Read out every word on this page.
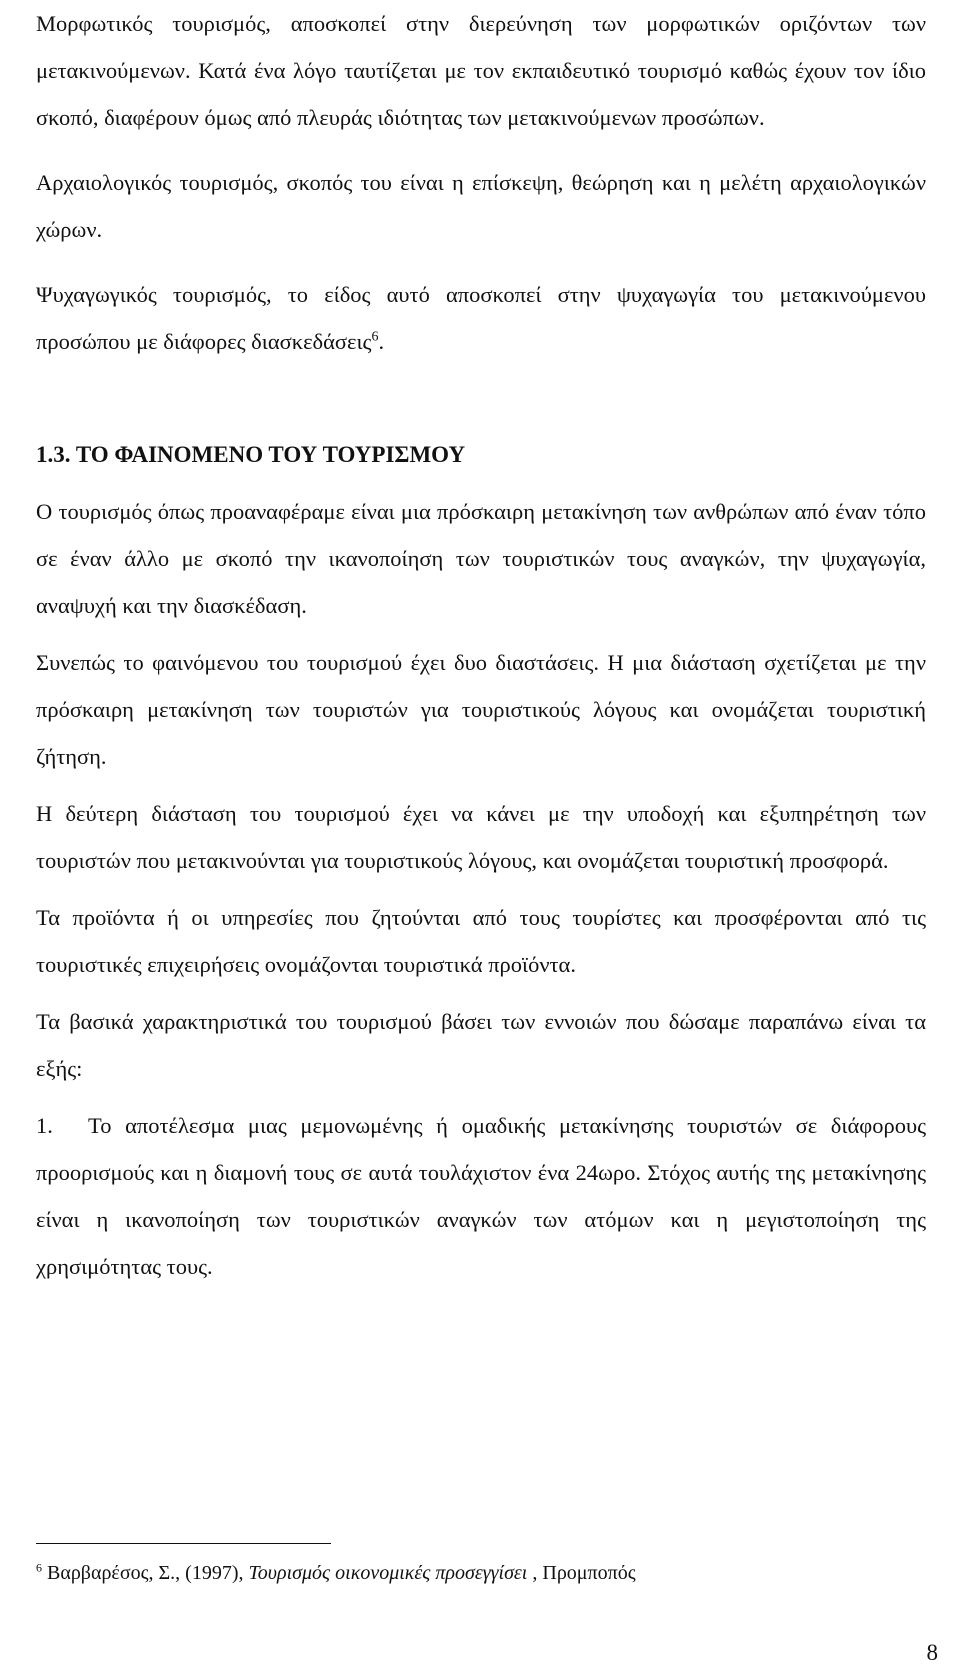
Μορφωτικός τουρισμός, αποσκοπεί στην διερεύνηση των μορφωτικών οριζόντων των μετακινούμενων. Κατά ένα λόγο ταυτίζεται με τον εκπαιδευτικό τουρισμό καθώς έχουν τον ίδιο σκοπό, διαφέρουν όμως από πλευράς ιδιότητας των μετακινούμενων προσώπων.

Αρχαιολογικός τουρισμός, σκοπός του είναι η επίσκεψη, θεώρηση και η μελέτη αρχαιολογικών χώρων.

Ψυχαγωγικός τουρισμός, το είδος αυτό αποσκοπεί στην ψυχαγωγία του μετακινούμενου προσώπου με διάφορες διασκεδάσεις$^6$.

1.3. ΤΟ ΦΑΙΝΟΜΕΝΟ ΤΟΥ ΤΟΥΡΙΣΜΟΥ

Ο τουρισμός όπως προαναφέραμε είναι μια πρόσκαιρη μετακίνηση των ανθρώπων από έναν τόπο σε έναν άλλο με σκοπό την ικανοποίηση των τουριστικών τους αναγκών, την ψυχαγωγία, αναψυχή και την διασκέδαση.

Συνεπώς το φαινόμενου του τουρισμού έχει δυο διαστάσεις. Η μια διάσταση σχετίζεται με την πρόσκαιρη μετακίνηση των τουριστών για τουριστικούς λόγους και ονομάζεται τουριστική ζήτηση.

Η δεύτερη διάσταση του τουρισμού έχει να κάνει με την υποδοχή και εξυπηρέτηση των τουριστών που μετακινούνται για τουριστικούς λόγους, και ονομάζεται τουριστική προσφορά.

Τα προϊόντα ή οι υπηρεσίες που ζητούνται από τους τουρίστες και προσφέρονται από τις τουριστικές επιχειρήσεις ονομάζονται τουριστικά προϊόντα.

Τα βασικά χαρακτηριστικά του τουρισμού βάσει των εννοιών που δώσαμε παραπάνω είναι τα εξής:

1. Το αποτέλεσμα μιας μεμονωμένης ή ομαδικής μετακίνησης τουριστών σε διάφορους προορισμούς και η διαμονή τους σε αυτά τουλάχιστον ένα 24ωρο. Στόχος αυτής της μετακίνησης είναι η ικανοποίηση των τουριστικών αναγκών των ατόμων και η μεγιστοποίηση της χρησιμότητας τους.

$^6$ Βαρβαρέσος, Σ., (1997), Τουρισμός οικονομικές προσεγγίσει , Προμποπός
8
